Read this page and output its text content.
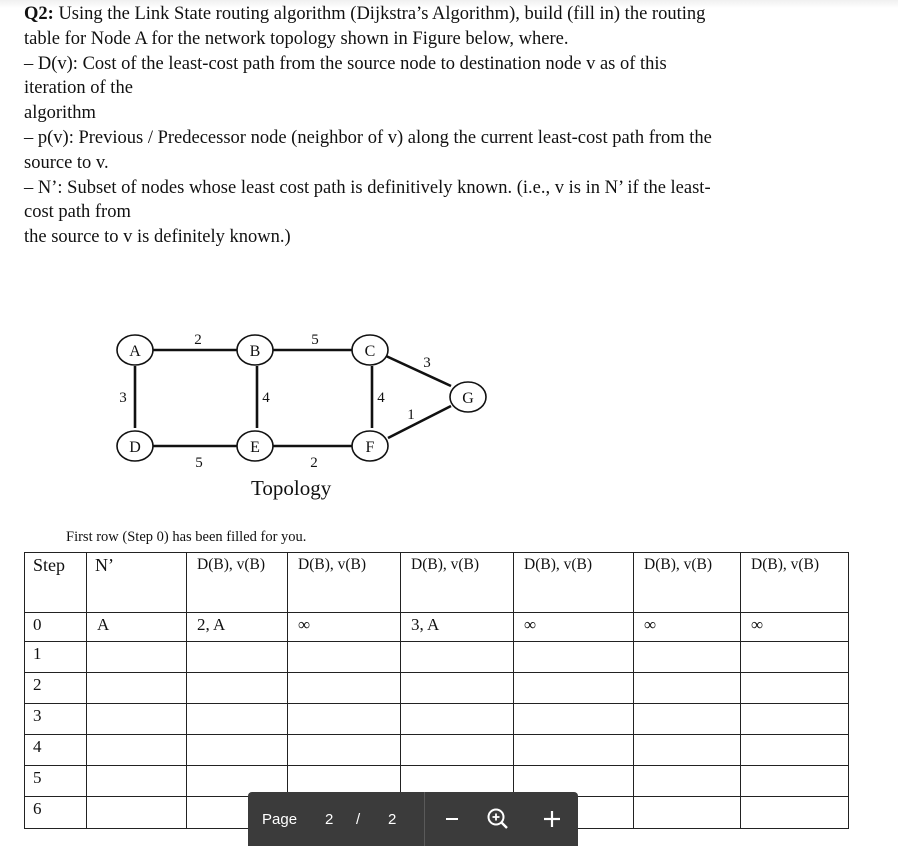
Q2: Using the Link State routing algorithm (Dijkstra’s Algorithm), build (fill in) the routing

table for Node A for the network topology shown in Figure below, where.

– D(v): Cost of the least-cost path from the source node to destination node v as of this

iteration of the

algorithm

– p(v): Previous / Predecessor node (neighbor of v) along the current least-cost path from the

source to v.

– N’: Subset of nodes whose least cost path is definitively known. (i.e., v is in N’ if the least-

cost path from

the source to v is definitely known.)

A	B	C
D	E	F
G
2	5
3
3	4	4
1
5	2
Topology
First row (Step 0) has been filled for you.
Step	N’	D(B), v(B)	D(B), v(B)	D(B), v(B)	D(B), v(B)	D(B), v(B)	D(B), v(B)
0	A	2, A	∞	3, A	∞	∞	∞
1							
2							
3							
4							
5							
6							
Page 2 / 2
